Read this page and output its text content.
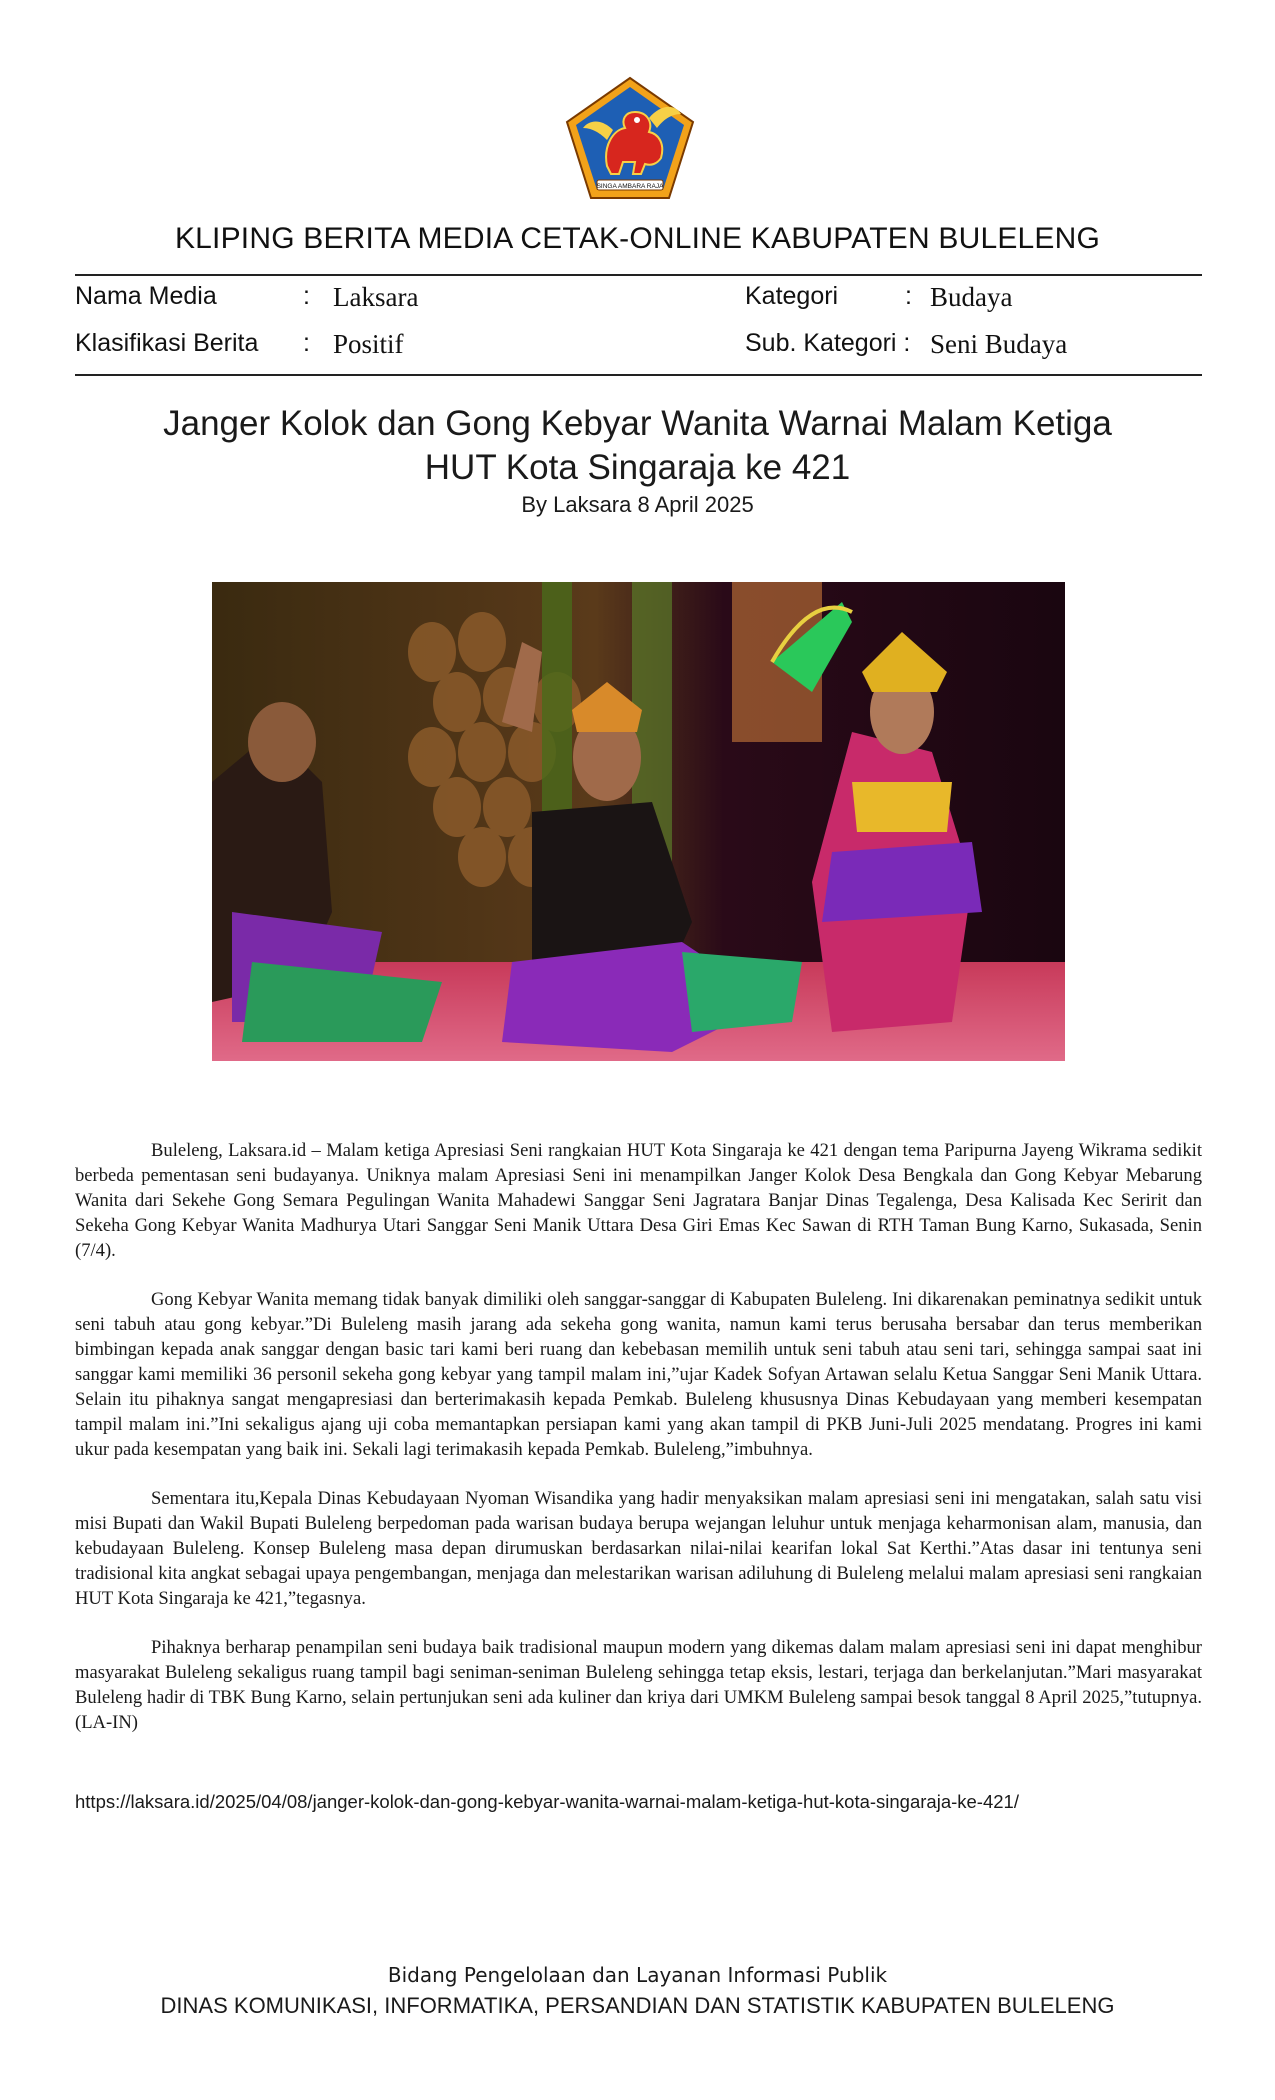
SINGA AMBARA RAJA
KLIPING BERITA MEDIA CETAK-ONLINE KABUPATEN BULELENG
Nama Media	: Laksara	Kategori	: Budaya
Klasifikasi Berita : Positif	Sub. Kategori : Seni Budaya
Janger Kolok dan Gong Kebyar Wanita Warnai Malam Ketiga
HUT Kota Singaraja ke 421
By Laksara 8 April 2025

Buleleng, Laksara.id – Malam ketiga Apresiasi Seni rangkaian HUT Kota Singaraja ke 421 dengan tema Paripurna Jayeng Wikrama sedikit berbeda pementasan seni budayanya. Uniknya malam Apresiasi Seni ini menampilkan Janger Kolok Desa Bengkala dan Gong Kebyar Mebarung Wanita dari Sekehe Gong Semara Pegulingan Wanita Mahadewi Sanggar Seni Jagratara Banjar Dinas Tegalenga, Desa Kalisada Kec Seririt dan Sekeha Gong Kebyar Wanita Madhurya Utari Sanggar Seni Manik Uttara Desa Giri Emas Kec Sawan di RTH Taman Bung Karno, Sukasada, Senin (7/4).

Gong Kebyar Wanita memang tidak banyak dimiliki oleh sanggar-sanggar di Kabupaten Buleleng. Ini dikarenakan peminatnya sedikit untuk seni tabuh atau gong kebyar.”Di Buleleng masih jarang ada sekeha gong wanita, namun kami terus berusaha bersabar dan terus memberikan bimbingan kepada anak sanggar dengan basic tari kami beri ruang dan kebebasan memilih untuk seni tabuh atau seni tari, sehingga sampai saat ini sanggar kami memiliki 36 personil sekeha gong kebyar yang tampil malam ini,”ujar Kadek Sofyan Artawan selalu Ketua Sanggar Seni Manik Uttara. Selain itu pihaknya sangat mengapresiasi dan berterimakasih kepada Pemkab. Buleleng khususnya Dinas Kebudayaan yang memberi kesempatan tampil malam ini.”Ini sekaligus ajang uji coba memantapkan persiapan kami yang akan tampil di PKB Juni-Juli 2025 mendatang. Progres ini kami ukur pada kesempatan yang baik ini. Sekali lagi terimakasih kepada Pemkab. Buleleng,”imbuhnya.

Sementara itu,Kepala Dinas Kebudayaan Nyoman Wisandika yang hadir menyaksikan malam apresiasi seni ini mengatakan, salah satu visi misi Bupati dan Wakil Bupati Buleleng berpedoman pada warisan budaya berupa wejangan leluhur untuk menjaga keharmonisan alam, manusia, dan kebudayaan Buleleng. Konsep Buleleng masa depan dirumuskan berdasarkan nilai-nilai kearifan lokal Sat Kerthi.”Atas dasar ini tentunya seni tradisional kita angkat sebagai upaya pengembangan, menjaga dan melestarikan warisan adiluhung di Buleleng melalui malam apresiasi seni rangkaian HUT Kota Singaraja ke 421,”tegasnya.

Pihaknya berharap penampilan seni budaya baik tradisional maupun modern yang dikemas dalam malam apresiasi seni ini dapat menghibur masyarakat Buleleng sekaligus ruang tampil bagi seniman-seniman Buleleng sehingga tetap eksis, lestari, terjaga dan berkelanjutan.”Mari masyarakat Buleleng hadir di TBK Bung Karno, selain pertunjukan seni ada kuliner dan kriya dari UMKM Buleleng sampai besok tanggal 8 April 2025,”tutupnya. (LA-IN)

https://laksara.id/2025/04/08/janger-kolok-dan-gong-kebyar-wanita-warnai-malam-ketiga-hut-kota-singaraja-ke-421/
Bidang Pengelolaan dan Layanan Informasi Publik
DINAS KOMUNIKASI, INFORMATIKA, PERSANDIAN DAN STATISTIK KABUPATEN BULELENG
